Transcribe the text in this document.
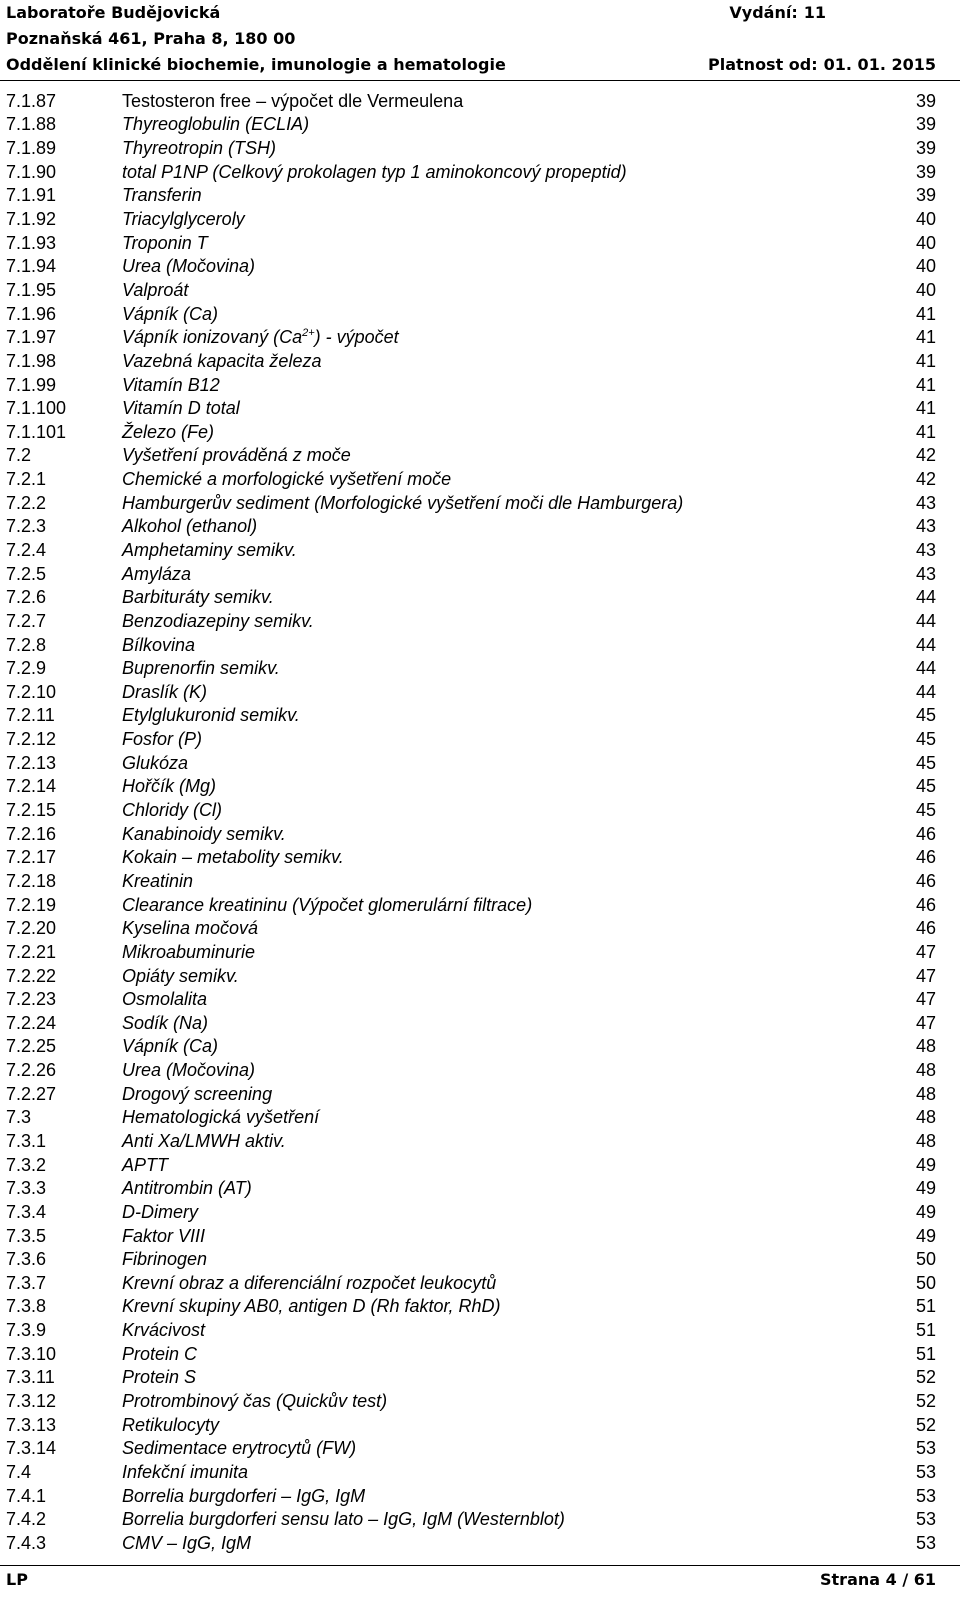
Laboratoře Budějovická	Vydání: 11
Poznaňská 461, Praha 8, 180 00
Oddělení klinické biochemie, imunologie a hematologie	Platnost od: 01. 01. 2015
7.1.87	Testosteron free – výpočet dle Vermeulena	39
7.1.88	Thyreoglobulin (ECLIA)	39
7.1.89	Thyreotropin (TSH)	39
7.1.90	total P1NP (Celkový prokolagen typ 1 aminokoncový propeptid)	39
7.1.91	Transferin	39
7.1.92	Triacylglyceroly	40
7.1.93	Troponin T	40
7.1.94	Urea (Močovina)	40
7.1.95	Valproát	40
7.1.96	Vápník (Ca)	41
7.1.97	Vápník ionizovaný $(Ca^{2+})$ - výpočet	41
7.1.98	Vazebná kapacita železa	41
7.1.99	Vitamín B12	41
7.1.100	Vitamín D total	41
7.1.101	Železo (Fe)	41
7.2	Vyšetření prováděná z moče	42
7.2.1	Chemické a morfologické vyšetření moče	42
7.2.2	Hamburgerův sediment (Morfologické vyšetření moči dle Hamburgera)	43
7.2.3	Alkohol (ethanol)	43
7.2.4	Amphetaminy semikv.	43
7.2.5	Amyláza	43
7.2.6	Barbituráty semikv.	44
7.2.7	Benzodiazepiny semikv.	44
7.2.8	Bílkovina	44
7.2.9	Buprenorfin semikv.	44
7.2.10	Draslík (K)	44
7.2.11	Etylglukuronid semikv.	45
7.2.12	Fosfor (P)	45
7.2.13	Glukóza	45
7.2.14	Hořčík (Mg)	45
7.2.15	Chloridy (Cl)	45
7.2.16	Kanabinoidy semikv.	46
7.2.17	Kokain – metabolity semikv.	46
7.2.18	Kreatinin	46
7.2.19	Clearance kreatininu (Výpočet glomerulární filtrace)	46
7.2.20	Kyselina močová	46
7.2.21	Mikroabuminurie	47
7.2.22	Opiáty semikv.	47
7.2.23	Osmolalita	47
7.2.24	Sodík (Na)	47
7.2.25	Vápník (Ca)	48
7.2.26	Urea (Močovina)	48
7.2.27	Drogový screening	48
7.3	Hematologická vyšetření	48
7.3.1	Anti Xa/LMWH aktiv.	48
7.3.2	APTT	49
7.3.3	Antitrombin (AT)	49
7.3.4	D-Dimery	49
7.3.5	Faktor VIII	49
7.3.6	Fibrinogen	50
7.3.7	Krevní obraz a diferenciální rozpočet leukocytů	50
7.3.8	Krevní skupiny AB0, antigen D (Rh faktor, RhD)	51
7.3.9	Krvácivost	51
7.3.10	Protein C	51
7.3.11	Protein S	52
7.3.12	Protrombinový čas (Quickův test)	52
7.3.13	Retikulocyty	52
7.3.14	Sedimentace erytrocytů (FW)	53
7.4	Infekční imunita	53
7.4.1	Borrelia burgdorferi – IgG, IgM	53
7.4.2	Borrelia burgdorferi sensu lato – IgG, IgM (Westernblot)	53
7.4.3	CMV – IgG, IgM	53
LP	Strana 4 / 61
